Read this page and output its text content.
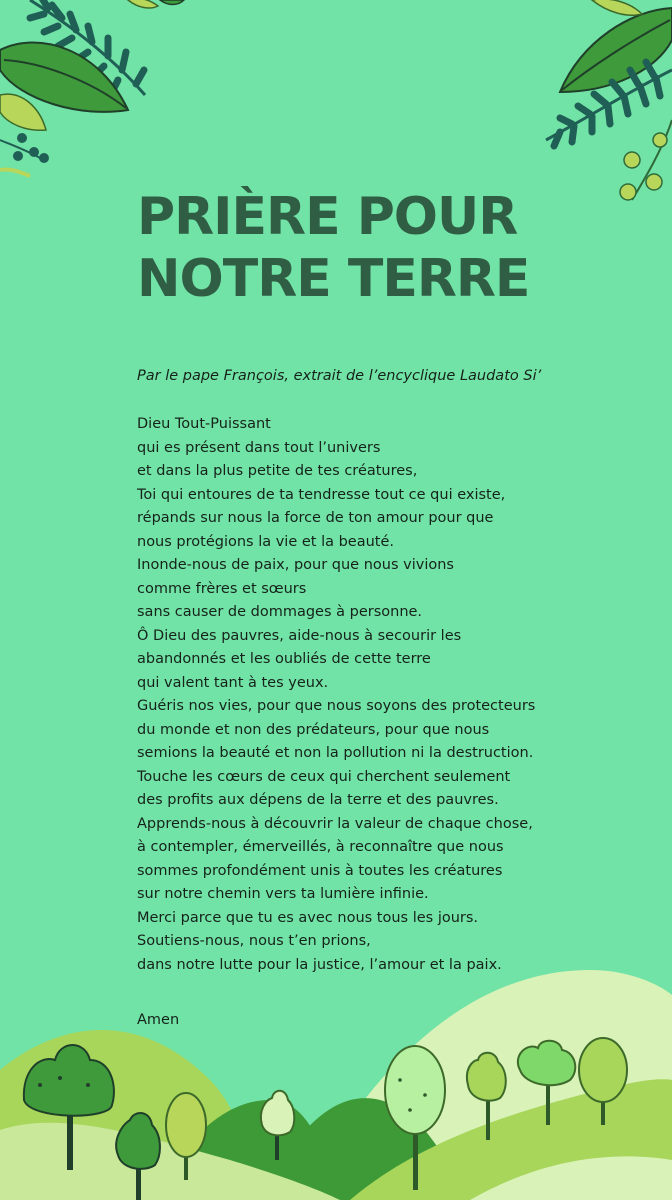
PRIÈRE POUR
NOTRE TERRE

Par le pape François, extrait de l’encyclique Laudato Si’

Dieu Tout-Puissant
qui es présent dans tout l’univers
et dans la plus petite de tes créatures,
Toi qui entoures de ta tendresse tout ce qui existe,
répands sur nous la force de ton amour pour que
nous protégions la vie et la beauté.
Inonde-nous de paix, pour que nous vivions
comme frères et sœurs
sans causer de dommages à personne.
Ô Dieu des pauvres, aide-nous à secourir les
abandonnés et les oubliés de cette terre
qui valent tant à tes yeux.
Guéris nos vies, pour que nous soyons des protecteurs
du monde et non des prédateurs, pour que nous
semions la beauté et non la pollution ni la destruction.
Touche les cœurs de ceux qui cherchent seulement
des profits aux dépens de la terre et des pauvres.
Apprends-nous à découvrir la valeur de chaque chose,
à contempler, émerveillés, à reconnaître que nous
sommes profondément unis à toutes les créatures
sur notre chemin vers ta lumière infinie.
Merci parce que tu es avec nous tous les jours.
Soutiens-nous, nous t’en prions,
dans notre lutte pour la justice, l’amour et la paix.

Amen
